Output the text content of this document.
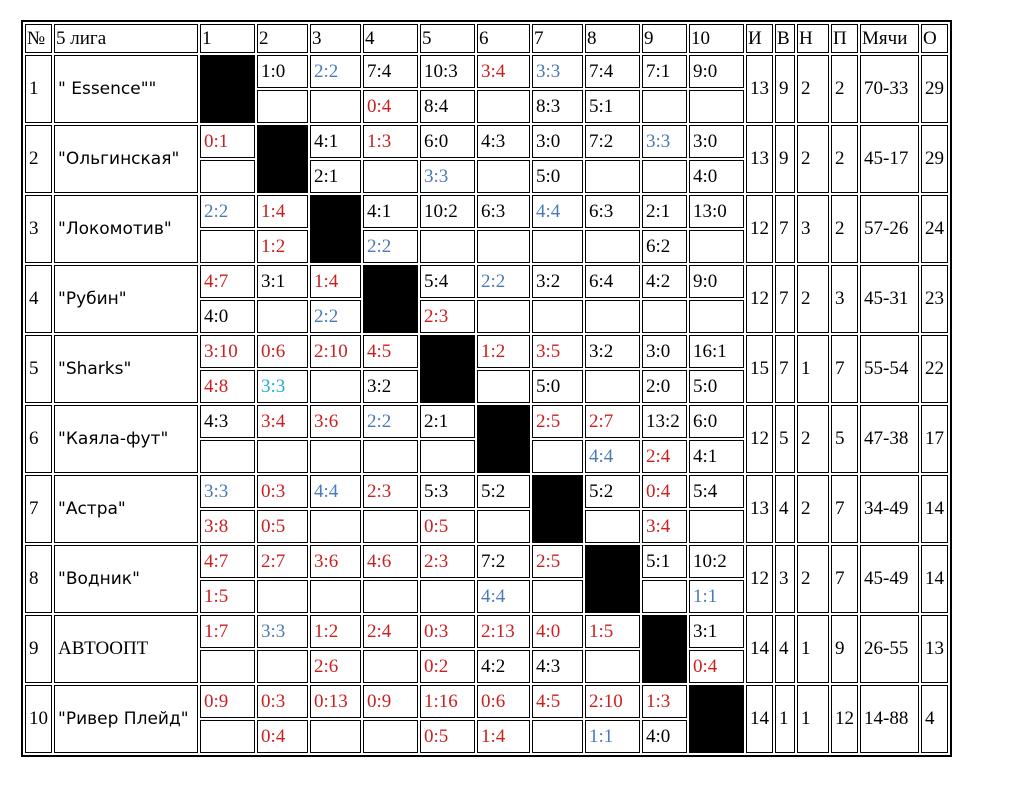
№	5 лига	1	2	3	4	5	6	7	8	9	10	И	В	Н	П	Мячи	О
1	" Essence""		1:0	2:2	7:4	10:3	3:4	3:3	7:4	7:1	9:0	13	9	2	2	70-33	29
					0:4	8:4		8:3	5:1								
2	"Ольгинская"	0:1		4:1	1:3	6:0	4:3	3:0	7:2	3:3	3:0	13	9	2	2	45-17	29
				2:1		3:3		5:0			4:0						
3	"Локомотив"	2:2	1:4		4:1	10:2	6:3	4:4	6:3	2:1	13:0	12	7	3	2	57-26	24
			1:2		2:2					6:2							
4	"Рубин"	4:7	3:1	1:4		5:4	2:2	3:2	6:4	4:2	9:0	12	7	2	3	45-31	23
		4:0		2:2		2:3											
5	"Sharks"	3:10	0:6	2:10	4:5		1:2	3:5	3:2	3:0	16:1	15	7	1	7	55-54	22
		4:8	3:3		3:2			5:0		2:0	5:0						
6	"Каяла-фут"	4:3	3:4	3:6	2:2	2:1		2:5	2:7	13:2	6:0	12	5	2	5	47-38	17
									4:4	2:4	4:1						
7	"Астра"	3:3	0:3	4:4	2:3	5:3	5:2		5:2	0:4	5:4	13	4	2	7	34-49	14
		3:8	0:5			0:5				3:4							
8	"Водник"	4:7	2:7	3:6	4:6	2:3	7:2	2:5		5:1	10:2	12	3	2	7	45-49	14
		1:5					4:4				1:1						
9	АВТООПТ	1:7	3:3	1:2	2:4	0:3	2:13	4:0	1:5		3:1	14	4	1	9	26-55	13
				2:6		0:2	4:2	4:3			0:4						
10	"Ривер Плейд"	0:9	0:3	0:13	0:9	1:16	0:6	4:5	2:10	1:3		14	1	1	12	14-88	4
			0:4			0:5	1:4		1:1	4:0							
